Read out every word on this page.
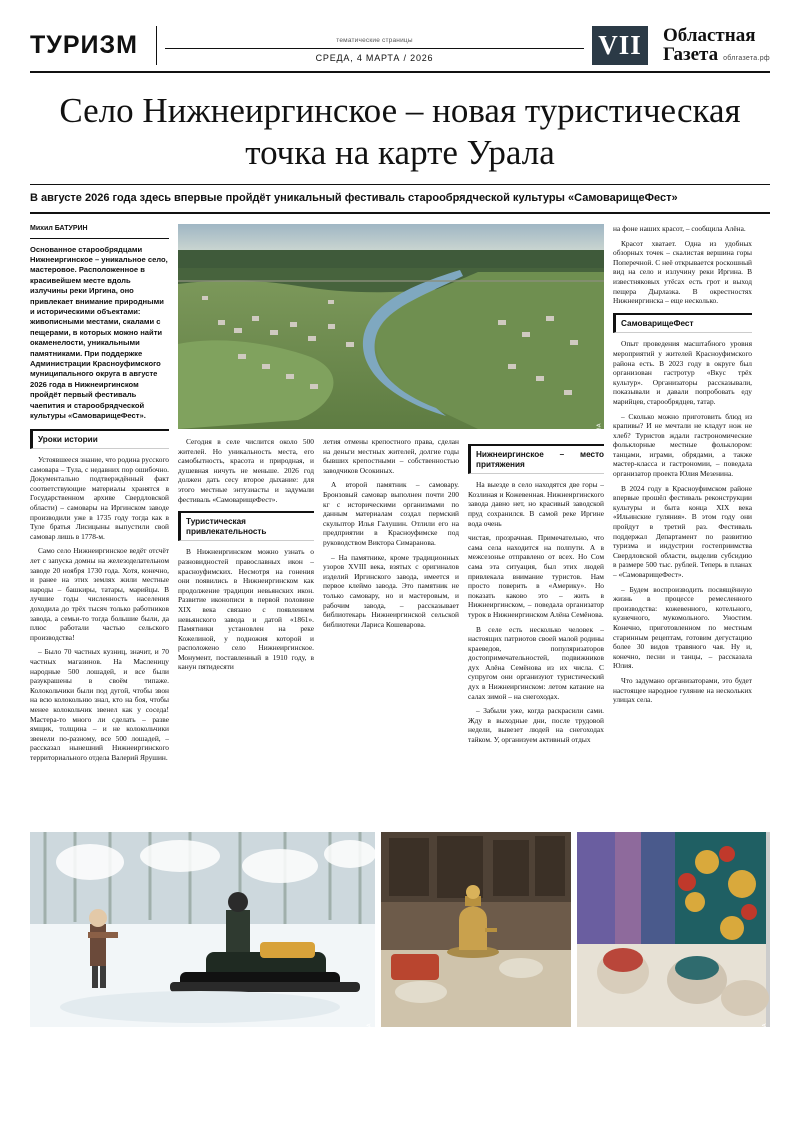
ТУРИЗМ	тематические страницы
СРЕДА, 4 МАРТА / 2026	VII	Областная
Газета облгазета.рф
Село Нижнеиргинское – новая туристическая точка на карте Урала
В августе 2026 года здесь впервые пройдёт уникальный фестиваль старообрядческой культуры «СамоварищеФест»
Михил БАТУРИН

Основанное старообрядцами Нижнеиргинское – уникальное село, мастеровое. Расположенное в красивейшем месте вдоль излучины реки Иргина, оно привлекает внимание природными и историческими объектами: живописными местами, скалами с пещерами, в которых можно найти окаменелости, уникальными памятниками. При поддержке Администрации Красноуфимского муниципального округа в августе 2026 года в Нижнеиргинском пройдёт первый фестиваль чаепития и старообрядческой культуры «СамоварищеФест».

Уроки истории

Устоявшееся знание, что родина русского самовара – Тула, с недавних пор ошибочно. Документально подтверждённый факт соответствующие материалы хранятся в Государственном архиве Свердловской области) – самовары на Иргинском заводе производили уже в 1735 году тогда как в Туле братья Лисицыны выпустили свой самовар лишь в 1778-м.

Само село Нижнеиргинское ведёт отсчёт лет с запуска домны на железоделательном заводе 20 ноября 1730 года. Хотя, конечно, и ранее на этих землях жили местные народы – башкиры, татары, марийцы. В лучшие годы численность населения доходила до трёх тысяч только работников завода, а семьи-то тогда большие были, да плюс работали частью сельского производства!

– Было 70 частных кузниц, значит, и 70 частных магазинов. На Масленицу народные 500 лошадей, и все были разукрашены в своём типаже. Колокольчики были под дугой, чтобы звон на всю колокольню знал, кто на боя, чтобы менее колокольчик звенел как у соседа! Мастера-то много ли сделать – разве ямщик, толщина – и не колокольчики звенели по-разному, все 500 лошадей, – рассказал нынешний Нижнеиргинского территориального отдела Валерий Ярушин.

АРИНА ВАЛИУЛЛОВА

Сегодня в селе числится около 500 жителей. Но уникальность места, его самобытность, красота и природная, и душевная ничуть не меньше. 2026 год должен дать сесу второе дыхание: для этого местные энтузиасты и задумали фестиваль «СамоварищеФест».

Туристическая привлекательность

В Нижнеиргинском можно узнать о разновидностей православных икон – красноуфимских. Несмотря на гонения они появились в Нижнеиргинском как продолжение традиции невьянских икон. Развитие иконописи в первой половине XIX века связано с появлением невьянского завода и датой «1861». Памятники установлен на реке Кожелиной, у подножия которой и расположено село Нижнеиргинское. Монумент, поставленный в 1910 году, в канун пятидесяти

летия отмены крепостного права, сделан на деньги местных жителей, долгие годы бывших крепостными – собственностью заводчиков Осокиных.

А второй памятник – самовару. Бронзовый самовар выполнен почти 200 кг с историческими организмами по данным материалам создал пермский скульптор Илья Галушин. Отлили его на предприятии в Красноуфимске под руководством Виктора Симаранова.

– На памятнике, кроме традиционных узоров XVIII века, взятых с оригиналов изделий Иргинского завода, имеется и первое клеймо завода. Это памятник не только самовару, но и мастеровым, и рабочим завода, – рассказывает библиотекарь Нижнеиргинской сельской библиотеки Лариса Кошеварова.

Нижнеиргинское – место притяжения

На выезде в село находятся две горы – Козлиная и Кожевенная. Нижнеиргинского завода давно нет, но красивый заводской пруд сохранился. В самой реке Иргине вода очень

чистая, прозрачная. Примечательно, что сама села находится на полпути. А в межсезонье отправлено от всех. Но Сом сама эта ситуация, был этих людей привлекала внимание туристов. Нам просто поверить в «Америку». Но показать каково это – жить в Нижнеиргинском, – поведала организатор турок в Нижнеиргинском Алёна Семёнова.

В селе есть несколько человек – настоящих патриотов своей малой родины краеведов, популяризаторов достопримечательностей, подвижников дух Алёна Семёнова из их числа. С супругом они организуют туристический дух в Нижнеиргинском: летом катание на салах зимой – на снегоходах.

– Забыли уже, когда раскрасили сами. Жду в выходные дни, после трудовой недели, вывезет людей на снегоходах тайком. У, организуем активный отдых

на фоне наших красот, – сообщила Алёна.

Красот хватает. Одна из удобных обзорных точек – скалистая вершина горы Поперечной. С неё открывается роскошный вид на село и излучину реки Иргина. В известняковых утёсах есть грот и выход пещера Дырлазка. В окрестностях Нижнеиргинска – еще несколько.

СамоварищеФест

Опыт проведения масштабного уровня мероприятий у жителей Красноуфимского района есть. В 2023 году в округе был организован гастротур «Вкус трёх культур». Организаторы рассказывали, показывали и давали попробовать еду марийцев, старообрядцев, татар.

– Сколько можно приготовить блюд из крапивы? И не мечтали не кладут нож не хлеб? Туристов ждали гастрономические фольклорные местные фольклором: танцами, играми, обрядами, а также мастер-класса и гастрономии, – поведала организатор проекта Юлия Мезенина.

В 2024 году в Красноуфимском районе впервые прошёл фестиваль реконструкции культуры и быта конца XIX века «Ильинские гуляния». В этом году они пройдут в третий раз. Фестиваль поддержал Департамент по развитию туризма и индустрии гостеприимства Свердловской области, выделив субсидию в размере 500 тыс. рублей. Теперь в планах – «СамоварищеФест».

– Будем воспроизводить посвящённую жизнь в процессе ремесленного производства: кожевенного, котельного, кузнечного, мукомольного. Уностим. Конечно, приготовленном по местным старинным рецептам, готовим дегустацию более 30 видов травяного чая. Ну и, конечно, песни и танцы, – рассказала Юлия.

Что задумано организаторами, это будет настоящее народное гуляние на нескольких улицах села.

АРИНА СМИРНОВА	ЛАРИКА КОЗЫВРОВА
